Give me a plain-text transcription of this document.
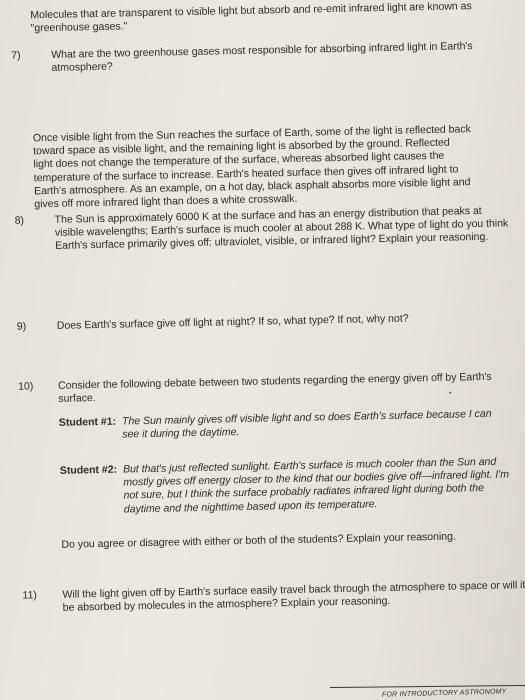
Molecules that are transparent to visible light but absorb and re-emit infrared light are known as "greenhouse gases."
7)	What are the two greenhouse gases most responsible for absorbing infrared light in Earth's atmosphere?
Once visible light from the Sun reaches the surface of Earth, some of the light is reflected back toward space as visible light, and the remaining light is absorbed by the ground. Reflected light does not change the temperature of the surface, whereas absorbed light causes the temperature of the surface to increase. Earth's heated surface then gives off infrared light to Earth's atmosphere. As an example, on a hot day, black asphalt absorbs more visible light and gives off more infrared light than does a white crosswalk.
8)	The Sun is approximately 6000 K at the surface and has an energy distribution that peaks at visible wavelengths; Earth's surface is much cooler at about 288 K. What type of light do you think Earth's surface primarily gives off: ultraviolet, visible, or infrared light? Explain your reasoning.
9)	Does Earth's surface give off light at night? If so, what type? If not, why not?
10) Consider the following debate between two students regarding the energy given off by Earth's surface.
Student #1: The Sun mainly gives off visible light and so does Earth's surface because I can see it during the daytime.
Student #2: But that's just reflected sunlight. Earth's surface is much cooler than the Sun and mostly gives off energy closer to the kind that our bodies give off—infrared light. I'm not sure, but I think the surface probably radiates infrared light during both the daytime and the nighttime based upon its temperature.
Do you agree or disagree with either or both of the students? Explain your reasoning.
11) Will the light given off by Earth's surface easily travel back through the atmosphere to space or will it be absorbed by molecules in the atmosphere? Explain your reasoning.
FOR INTRODUCTORY ASTRONOMY
